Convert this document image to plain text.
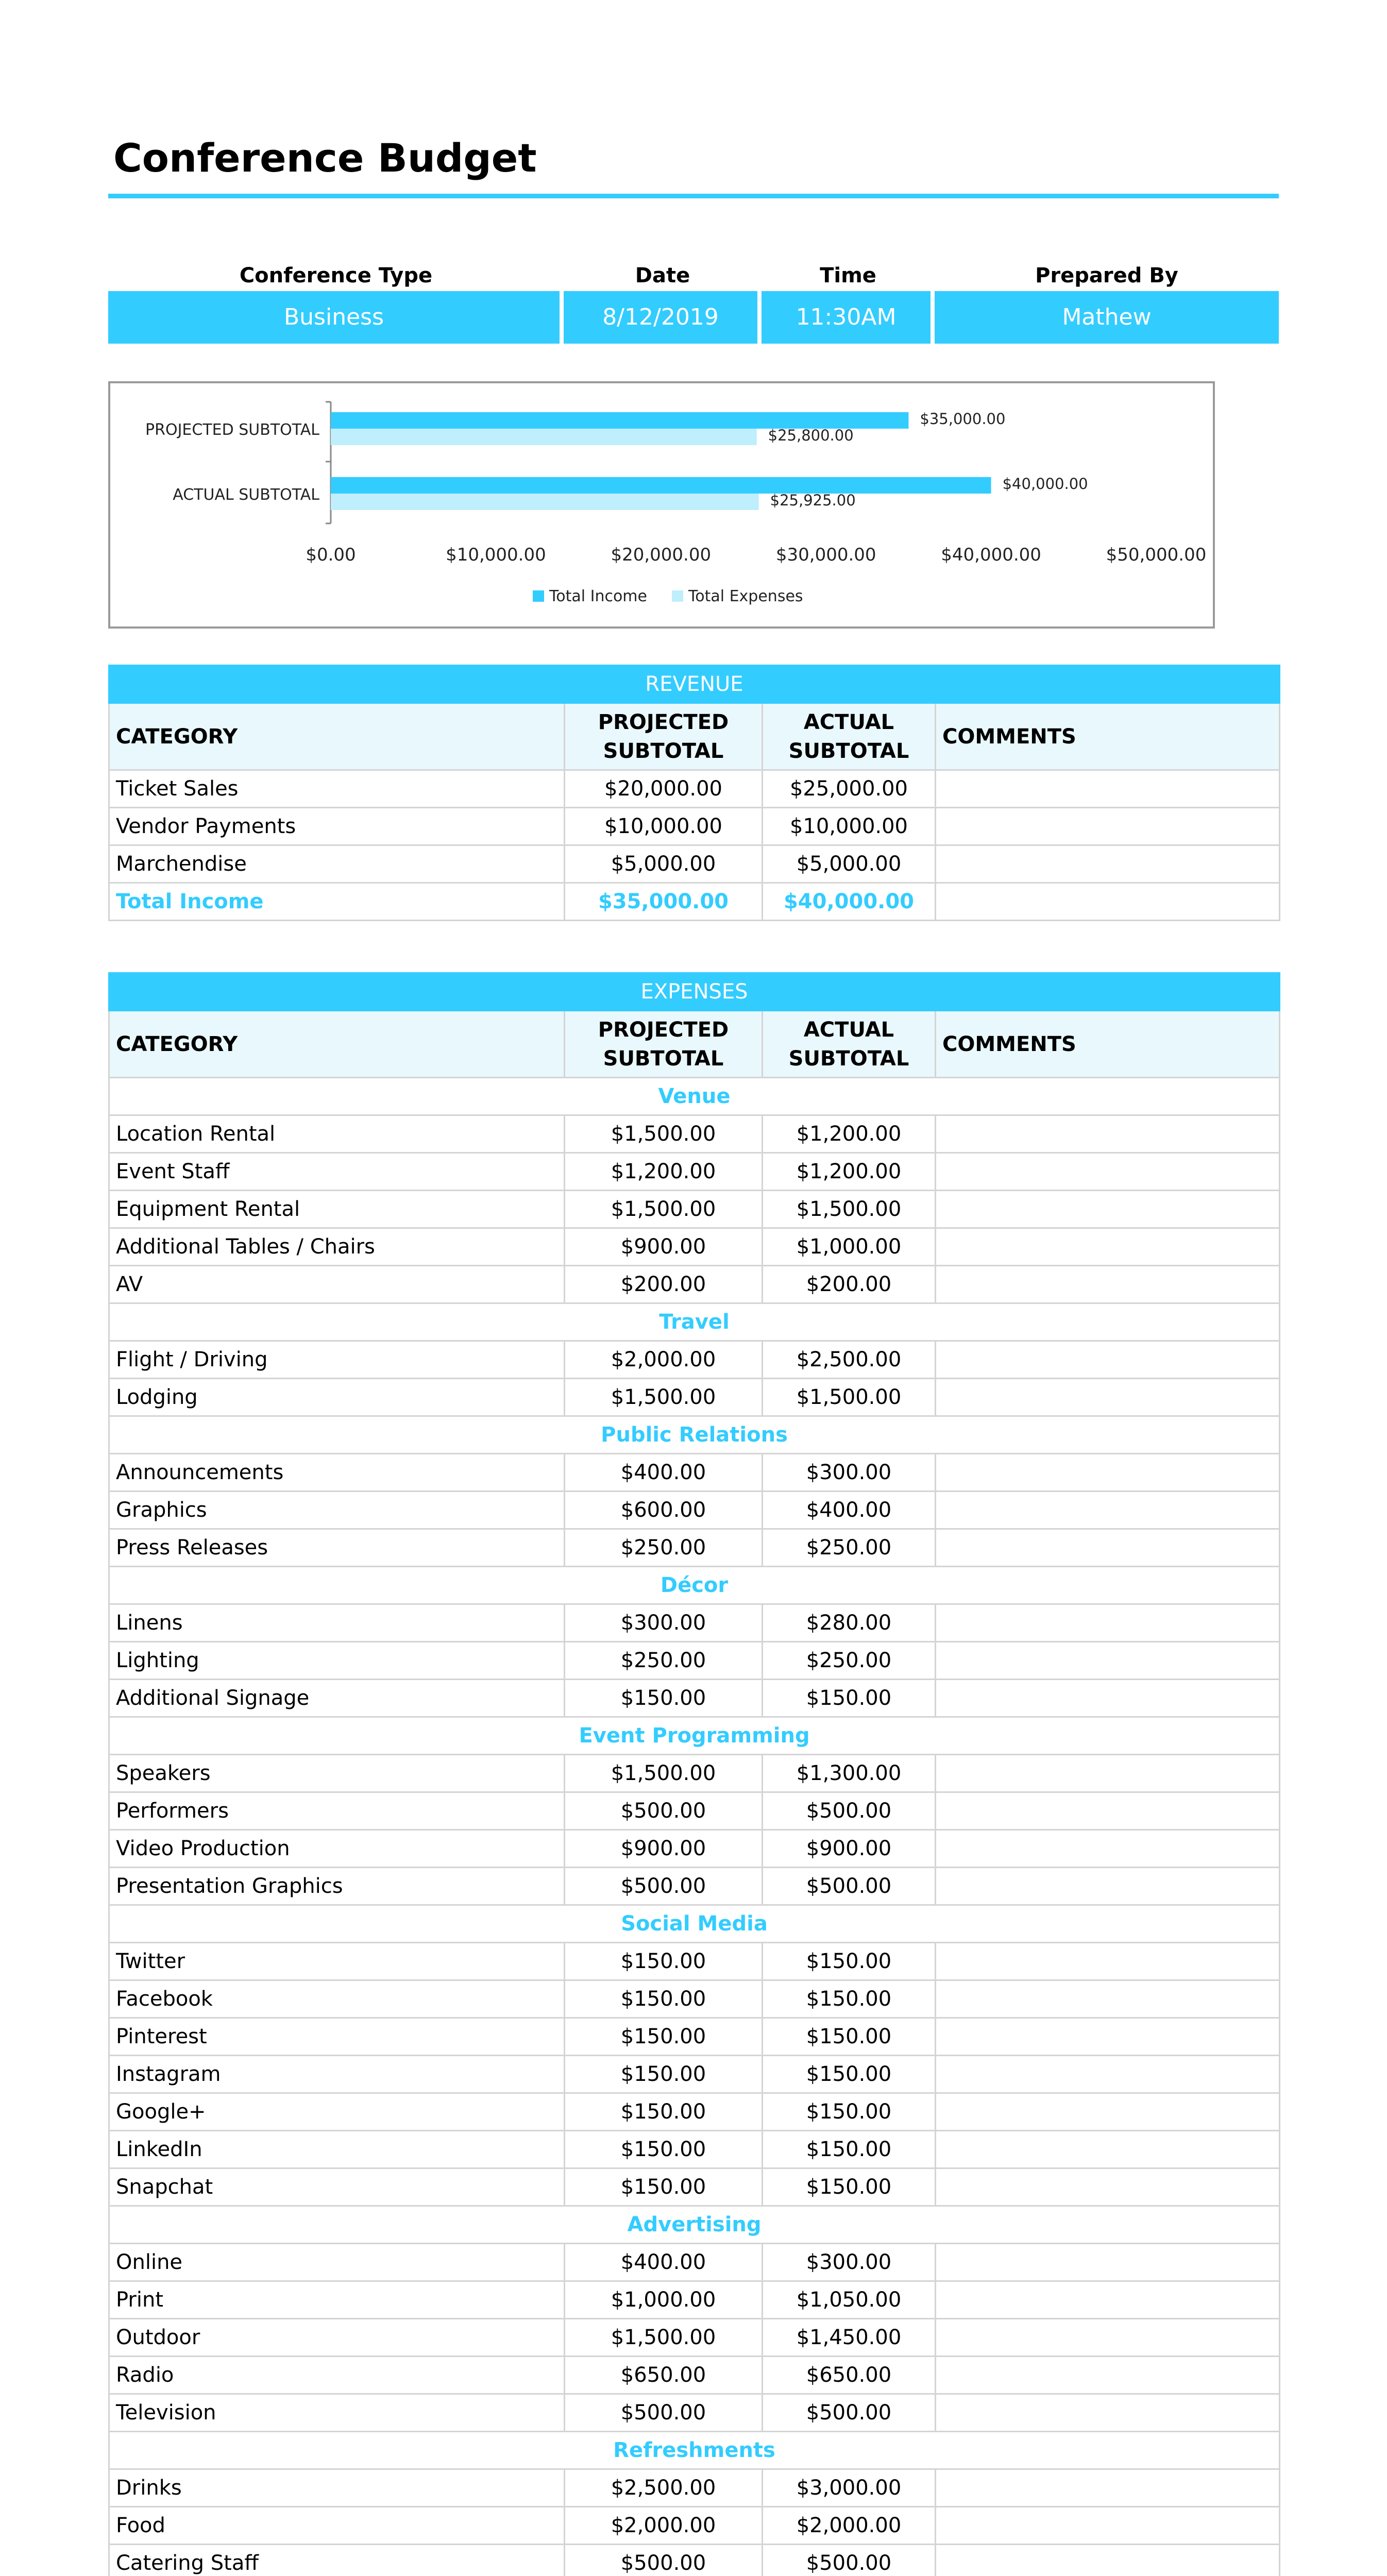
Conference Budget
Conference Type	Date	Time	Prepared By
Business	8/12/2019	11:30AM	Mathew
PROJECTED SUBTOTAL
$35,000.00
$25,800.00
ACTUAL SUBTOTAL
$40,000.00
$25,925.00
$0.00	$10,000.00	$20,000.00	$30,000.00	$40,000.00	$50,000.00
Total Income	Total Expenses
REVENUE			
CATEGORY	PROJECTED SUBTOTAL	ACTUAL SUBTOTAL	COMMENTS
Ticket Sales	$20,000.00	$25,000.00	
Vendor Payments	$10,000.00	$10,000.00	
Marchendise	$5,000.00	$5,000.00	
Total Income	$35,000.00	$40,000.00	
EXPENSES			
CATEGORY	PROJECTED SUBTOTAL	ACTUAL SUBTOTAL	COMMENTS
Venue			
Location Rental	$1,500.00	$1,200.00	
Event Staff	$1,200.00	$1,200.00	
Equipment Rental	$1,500.00	$1,500.00	
Additional Tables / Chairs	$900.00	$1,000.00	
AV	$200.00	$200.00	
Travel			
Flight / Driving	$2,000.00	$2,500.00	
Lodging	$1,500.00	$1,500.00	
Public Relations			
Announcements	$400.00	$300.00	
Graphics	$600.00	$400.00	
Press Releases	$250.00	$250.00	
Décor			
Linens	$300.00	$280.00	
Lighting	$250.00	$250.00	
Additional Signage	$150.00	$150.00	
Event Programming			
Speakers	$1,500.00	$1,300.00	
Performers	$500.00	$500.00	
Video Production	$900.00	$900.00	
Presentation Graphics	$500.00	$500.00	
Social Media			
Twitter	$150.00	$150.00	
Facebook	$150.00	$150.00	
Pinterest	$150.00	$150.00	
Instagram	$150.00	$150.00	
Google+	$150.00	$150.00	
LinkedIn	$150.00	$150.00	
Snapchat	$150.00	$150.00	
Advertising			
Online	$400.00	$300.00	
Print	$1,000.00	$1,050.00	
Outdoor	$1,500.00	$1,450.00	
Radio	$650.00	$650.00	
Television	$500.00	$500.00	
Refreshments			
Drinks	$2,500.00	$3,000.00	
Food	$2,000.00	$2,000.00	
Catering Staff	$500.00	$500.00	
